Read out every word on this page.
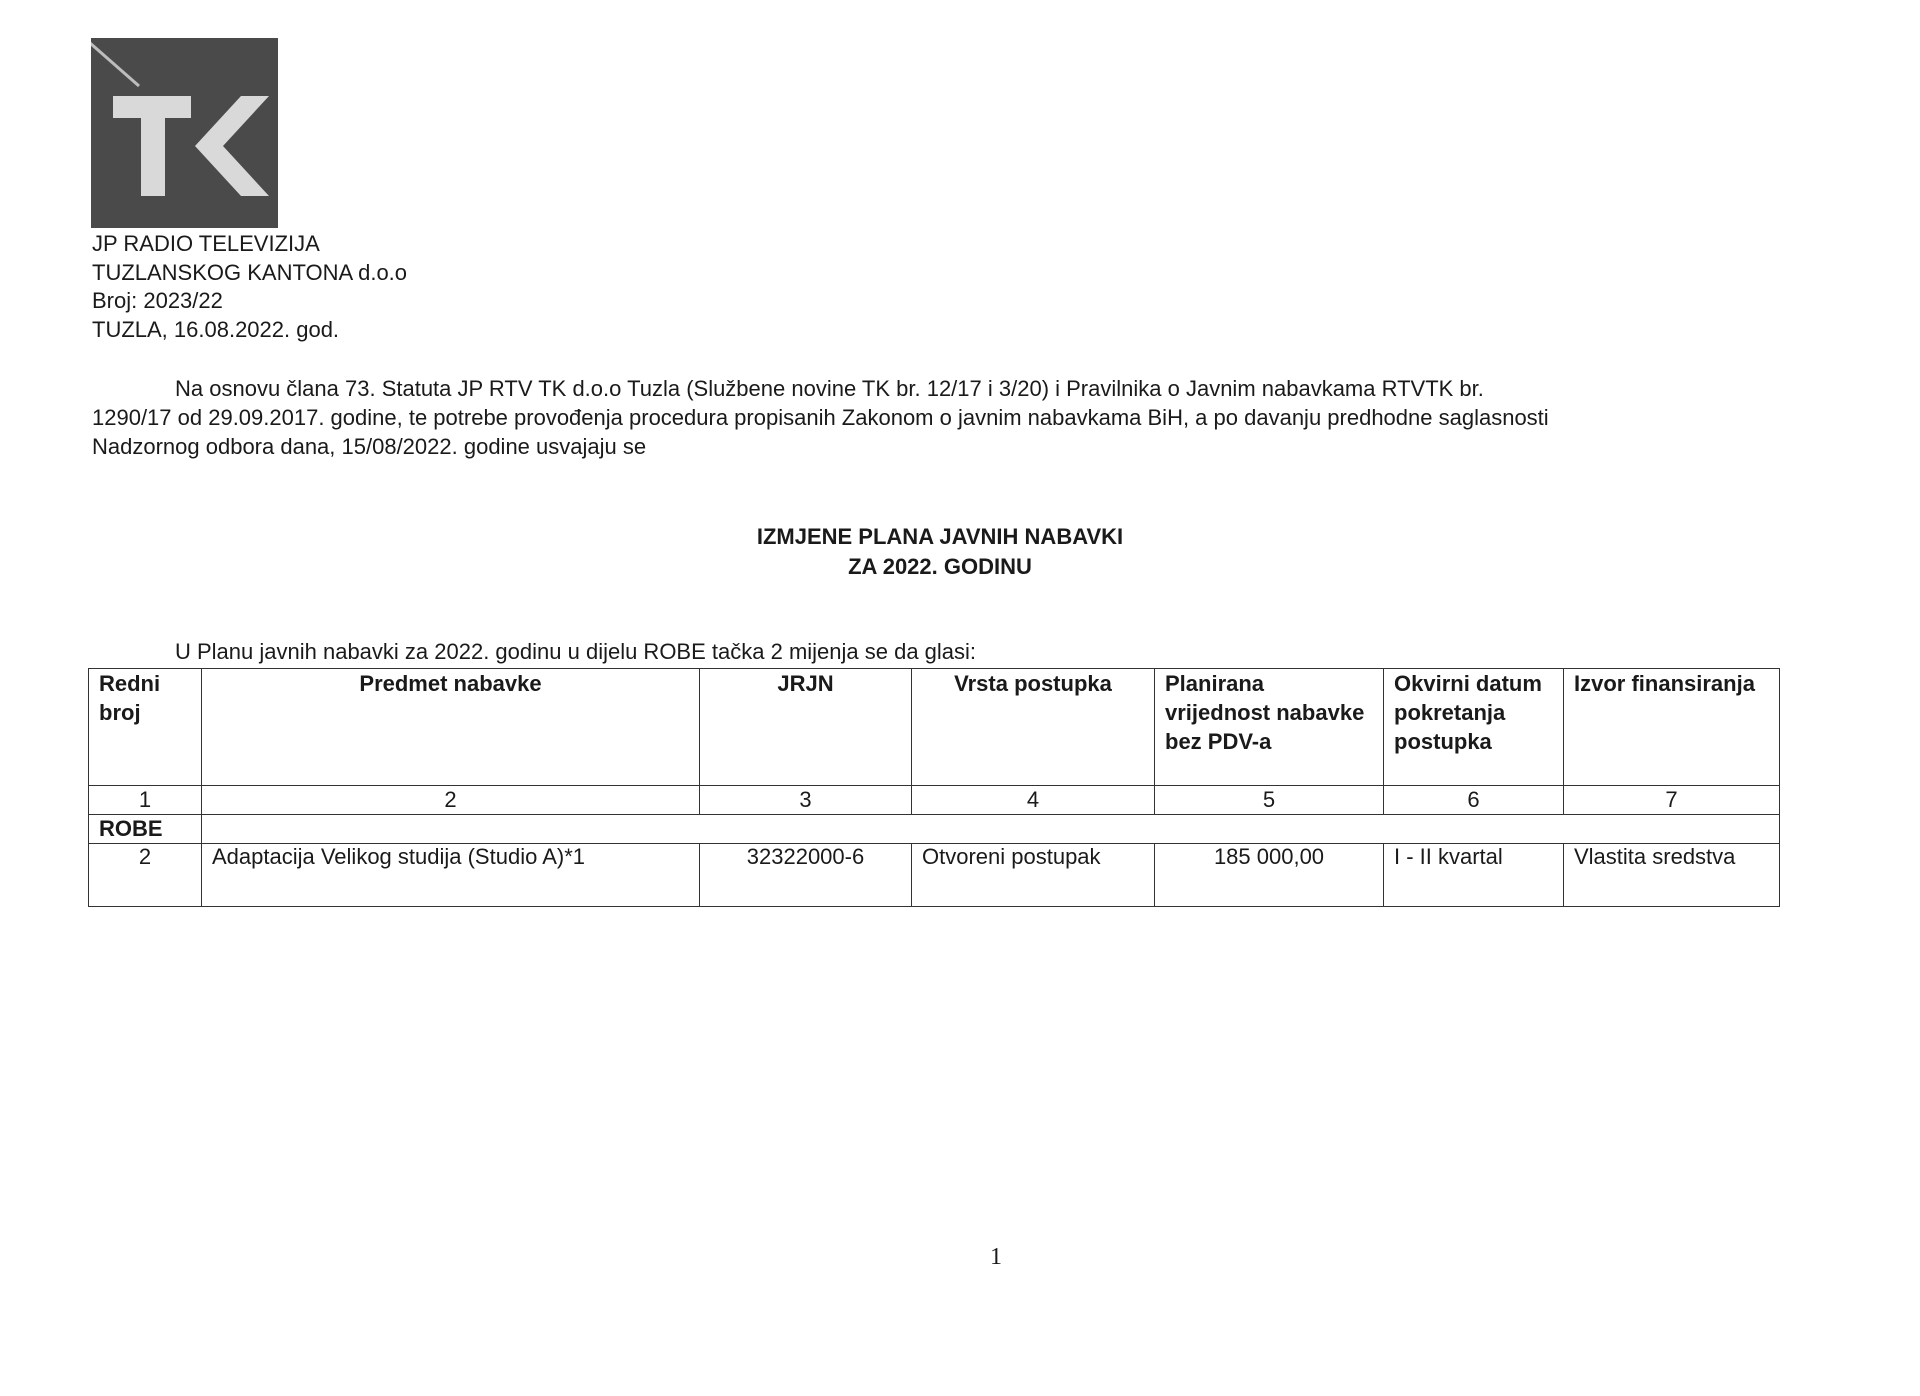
JP RADIO TELEVIZIJA
TUZLANSKOG KANTONA d.o.o
Broj: 2023/22
TUZLA, 16.08.2022. god.
Na osnovu člana 73. Statuta JP RTV TK d.o.o Tuzla (Službene novine TK br. 12/17 i 3/20) i Pravilnika o Javnim nabavkama RTVTK br.
1290/17 od 29.09.2017. godine, te potrebe provođenja procedura propisanih Zakonom o javnim nabavkama BiH, a po davanju predhodne saglasnosti
Nadzornog odbora dana, 15/08/2022. godine usvajaju se
IZMJENE PLANA JAVNIH NABAVKI
ZA 2022. GODINU
U Planu javnih nabavki za 2022. godinu u dijelu ROBE tačka 2 mijenja se da glasi:
Redni broj	Predmet nabavke	JRJN	Vrsta postupka	Planirana vrijednost nabavke bez PDV-a	Okvirni datum pokretanja postupka	Izvor finansiranja
1	2	3	4	5	6	7
ROBE						
2	Adaptacija Velikog studija (Studio A)*1	32322000-6	Otvoreni postupak	185 000,00	I - II kvartal	Vlastita sredstva
1
